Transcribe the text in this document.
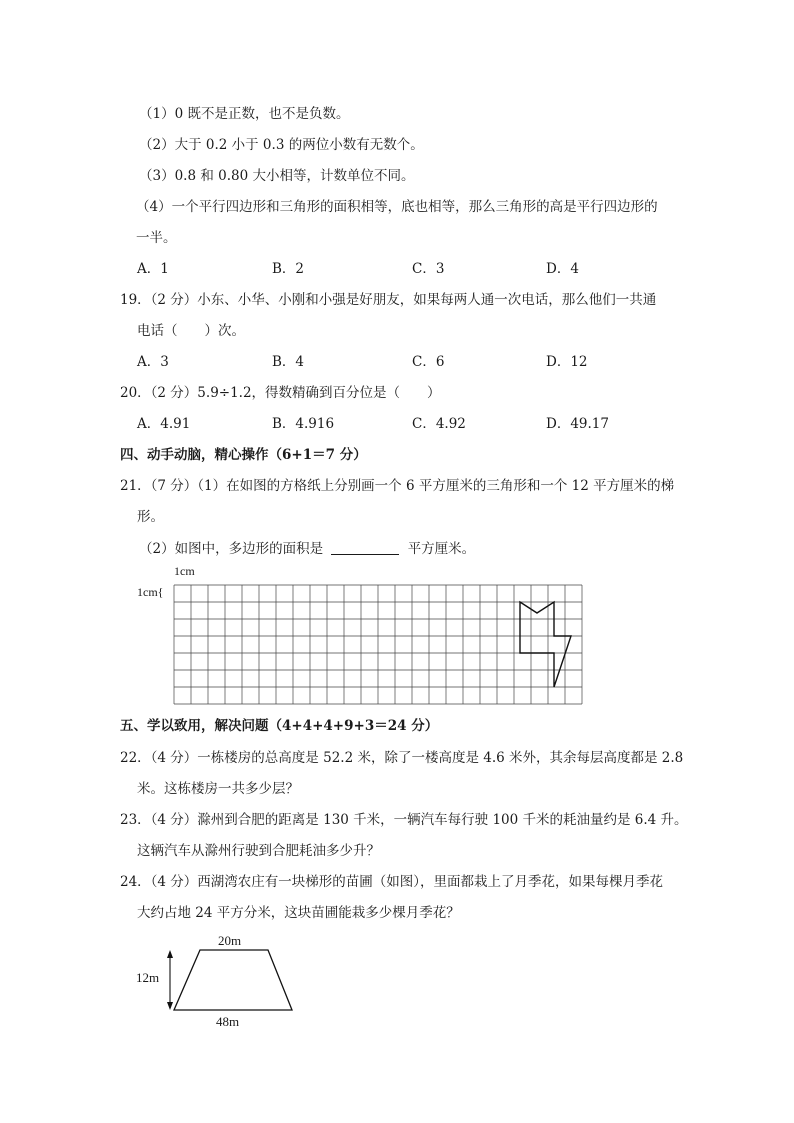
（1）0 既不是正数，也不是负数。
（2）大于 0.2 小于 0.3 的两位小数有无数个。
（3）0.8 和 0.80 大小相等，计数单位不同。
（4）一个平行四边形和三角形的面积相等，底也相等，那么三角形的高是平行四边形的
一半。
A．1	B．2	C．3	D．4
19．（2 分）小东、小华、小刚和小强是好朋友，如果每两人通一次电话，那么他们一共通
电话（　　）次。
A．3	B．4	C．6	D．12
20．（2 分）5.9÷1.2，得数精确到百分位是（　　）
A．4.91	B．4.916	C．4.92	D．49.17
四、动手动脑，精心操作（6+1＝7 分）
21．（7 分）（1）在如图的方格纸上分别画一个 6 平方厘米的三角形和一个 12 平方厘米的梯
形。
（2）如图中，多边形的面积是	平方厘米。
1cm
1cm{
五、学以致用，解决问题（4+4+4+9+3＝24 分）
22．（4 分）一栋楼房的总高度是 52.2 米，除了一楼高度是 4.6 米外，其余每层高度都是 2.8
米。这栋楼房一共多少层？
23．（4 分）滁州到合肥的距离是 130 千米，一辆汽车每行驶 100 千米的耗油量约是 6.4 升。
这辆汽车从滁州行驶到合肥耗油多少升？
24．（4 分）西湖湾农庄有一块梯形的苗圃（如图），里面都栽上了月季花，如果每棵月季花
大约占地 24 平方分米，这块苗圃能栽多少棵月季花？
20m
12m
48m
